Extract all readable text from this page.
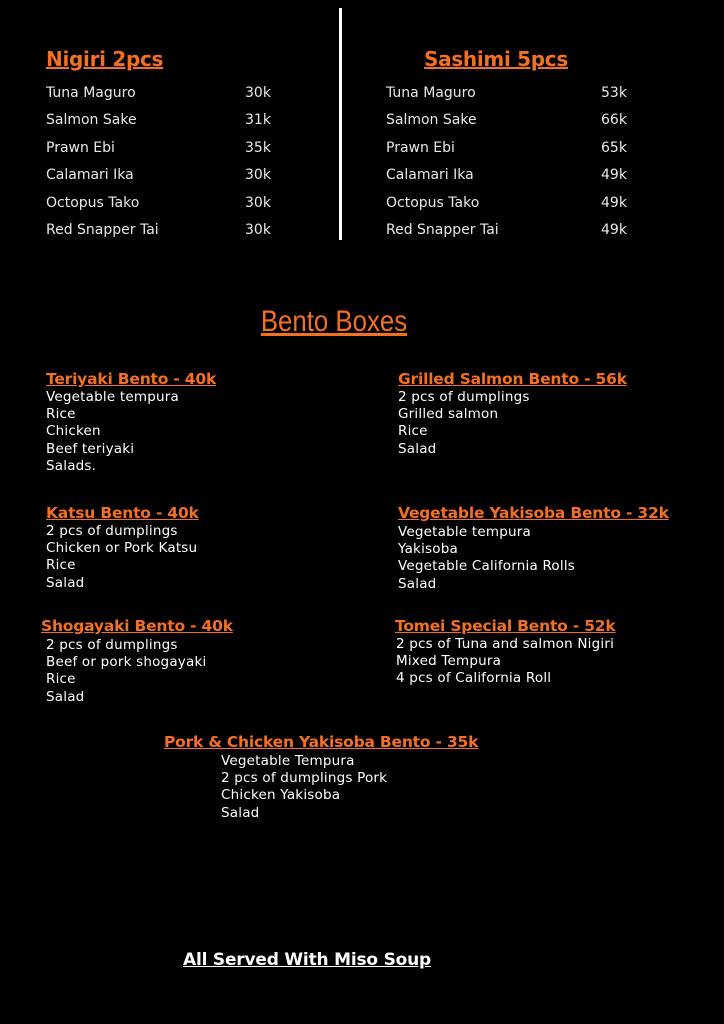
Nigiri 2pcs
Tuna Maguro	30k
Salmon Sake	31k
Prawn Ebi	35k
Calamari Ika	30k
Octopus Tako	30k
Red Snapper Tai	30k
Sashimi 5pcs
Tuna Maguro	53k
Salmon Sake	66k
Prawn Ebi	65k
Calamari Ika	49k
Octopus Tako	49k
Red Snapper Tai	49k
Bento Boxes
Teriyaki Bento - 40k
Vegetable tempura
Rice
Chicken
Beef teriyaki
Salads.
Grilled Salmon Bento - 56k
2 pcs of dumplings
Grilled salmon
Rice
Salad
Katsu Bento - 40k
2 pcs of dumplings
Chicken or Pork Katsu
Rice
Salad
Vegetable Yakisoba Bento - 32k
Vegetable tempura
Yakisoba
Vegetable California Rolls
Salad
Shogayaki Bento - 40k
2 pcs of dumplings
Beef or pork shogayaki
Rice
Salad
Tomei Special Bento - 52k
2 pcs of Tuna and salmon Nigiri
Mixed Tempura
4 pcs of California Roll
Pork & Chicken Yakisoba Bento - 35k
Vegetable Tempura
2 pcs of dumplings Pork
Chicken Yakisoba
Salad
All Served With Miso Soup
